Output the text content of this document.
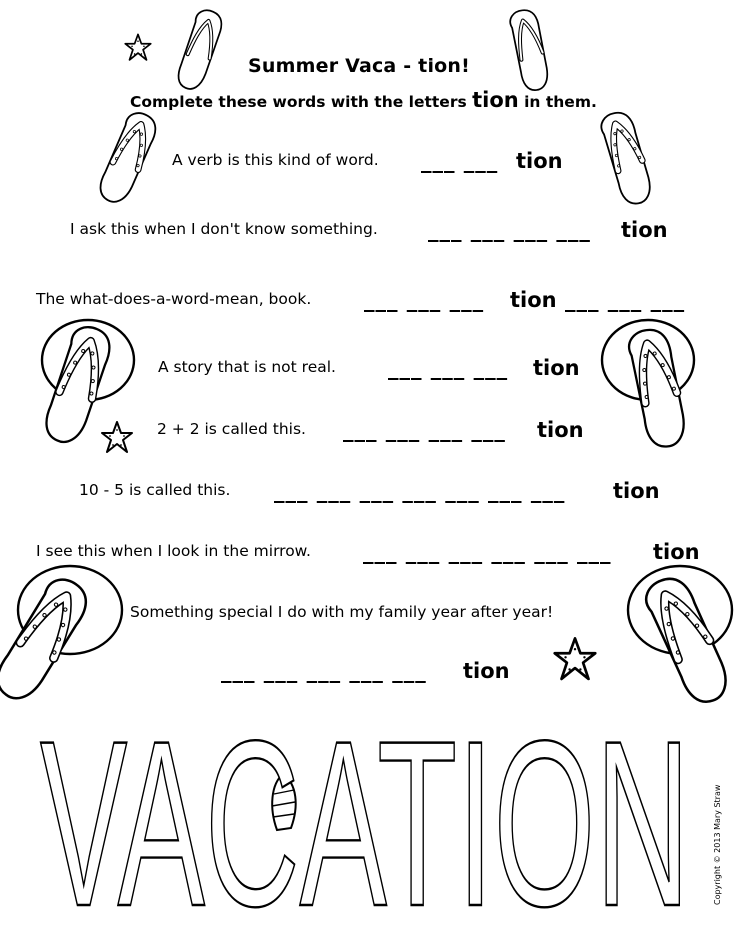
VACATION
Summer Vaca - tion!
Complete these words with the letters tion in them.
A verb is this kind of word. ___ ___ tion
I ask this when I don't know something. ___ ___ ___ ___ tion
The what-does-a-word-mean, book.	___ ___ ___ tion ___ ___ ___
A story that is not real. ___ ___ ___ tion
2 + 2 is called this. ___ ___ ___ ___ tion
10 - 5 is called this. ___ ___ ___ ___ ___ ___ ___ tion
I see this when I look in the mirrow. ___ ___ ___ ___ ___ ___ tion
Something special I do with my family year after year!
___ ___ ___ ___ ___ tion
Copyright © 2013 Mary Straw
